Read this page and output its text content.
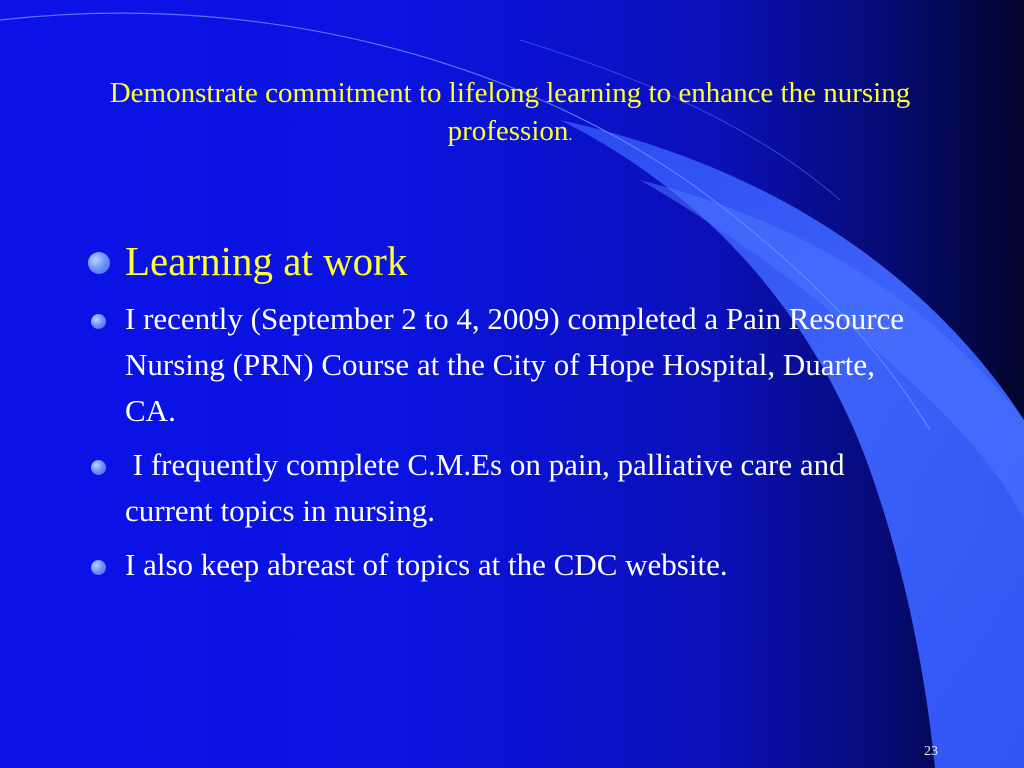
Demonstrate commitment to lifelong learning to enhance the nursing profession.
Learning at work
I recently (September 2 to 4, 2009) completed a Pain Resource Nursing (PRN) Course at the City of Hope Hospital, Duarte, CA.
I frequently complete C.M.Es on pain, palliative care and current topics in nursing.
I also keep abreast of topics at the CDC website.
23
